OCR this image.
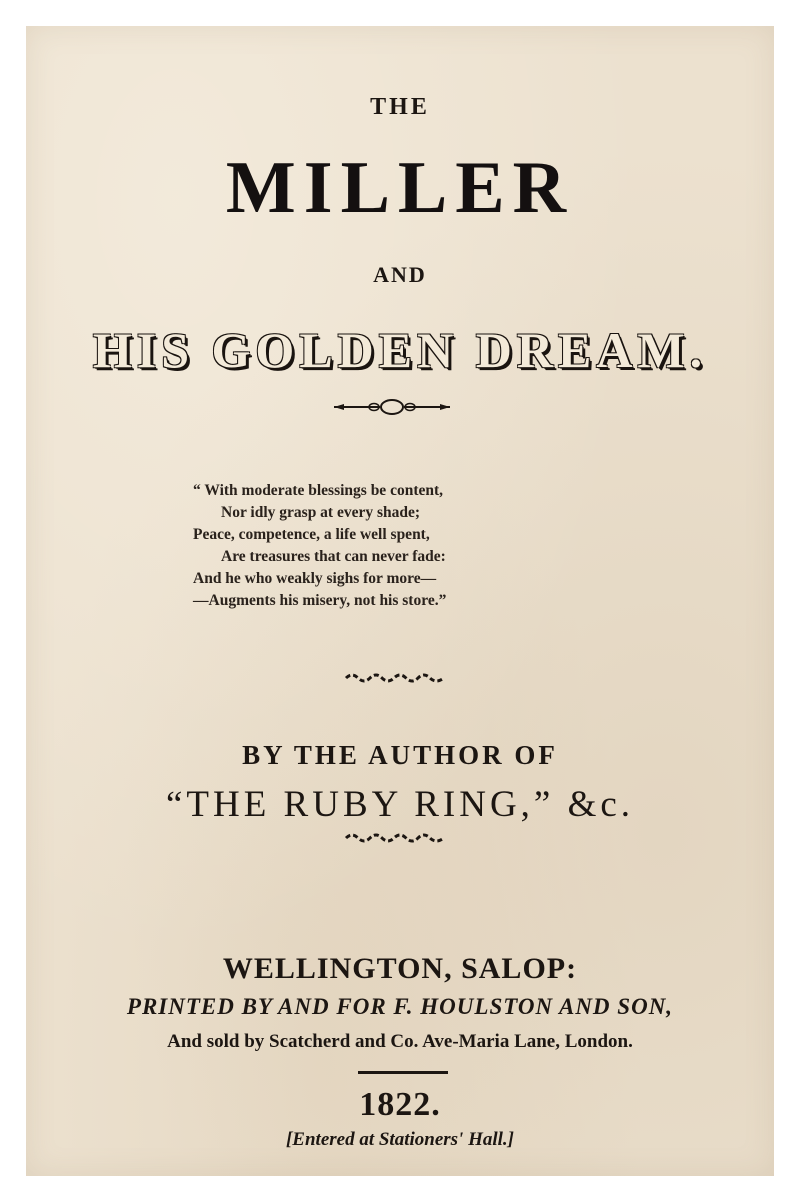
THE
MILLER
AND
HIS GOLDEN DREAM.
“ With moderate blessings be content,
Nor idly grasp at every shade;
Peace, competence, a life well spent,
Are treasures that can never fade:
And he who weakly sighs for more—
—Augments his misery, not his store.”
BY THE AUTHOR OF
“THE RUBY RING,” &c.
WELLINGTON, SALOP:
PRINTED BY AND FOR F. HOULSTON AND SON,
And sold by Scatcherd and Co. Ave-Maria Lane, London.
1822.
[Entered at Stationers' Hall.]
